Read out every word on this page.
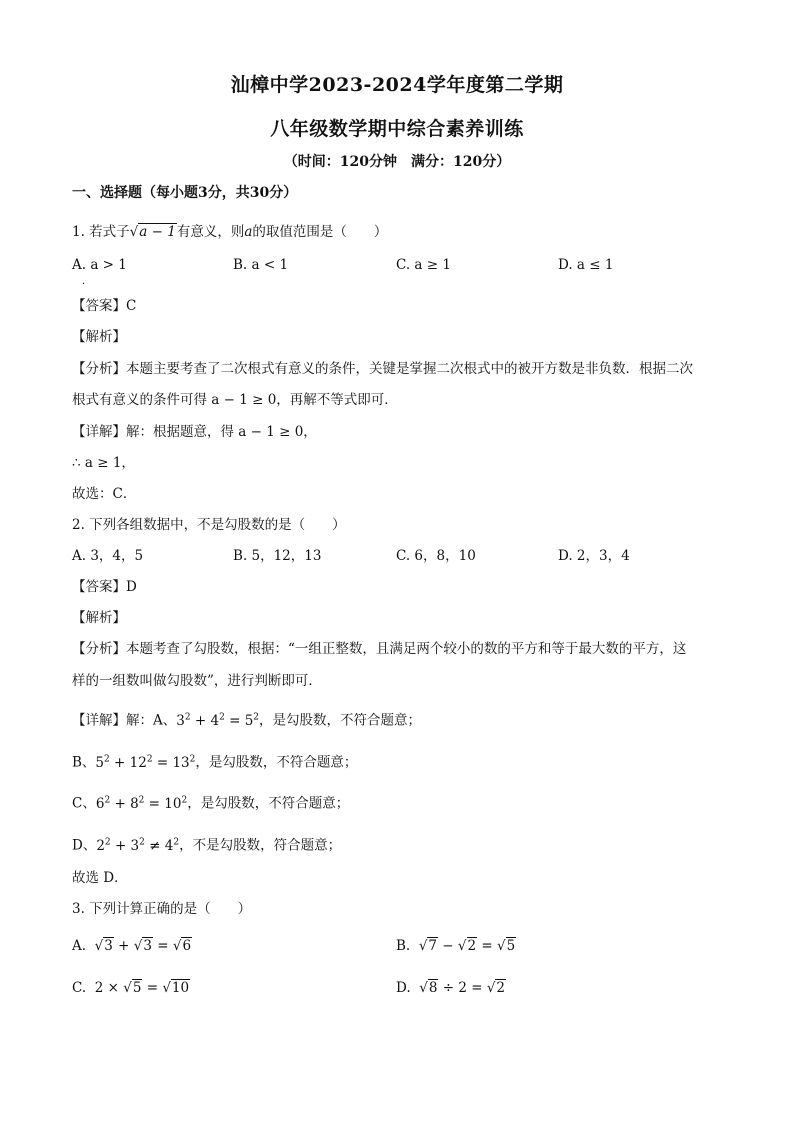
汕樟中学2023-2024学年度第二学期
八年级数学期中综合素养训练
（时间：120分钟　满分：120分）
一、选择题（每小题3分，共30分）
1. 若式子√a − 1有意义，则a的取值范围是（　　）
A. a > 1	B. a < 1	C. a ≥ 1	D. a ≤ 1
·
【答案】C
【解析】
【分析】本题主要考查了二次根式有意义的条件，关键是掌握二次根式中的被开方数是非负数．根据二次
根式有意义的条件可得 a − 1 ≥ 0，再解不等式即可．
【详解】解：根据题意，得 a − 1 ≥ 0，
∴ a ≥ 1，
故选：C．
2. 下列各组数据中，不是勾股数的是（　　）
A. 3，4，5	B. 5，12，13	C. 6，8，10	D. 2，3，4
【答案】D
【解析】
【分析】本题考查了勾股数，根据：“一组正整数，且满足两个较小的数的平方和等于最大数的平方，这
样的一组数叫做勾股数”，进行判断即可．
【详解】解：A、$3^2 + 4^2 = 5^2$，是勾股数，不符合题意；
B、$5^2 + 12^2 = 13^2$，是勾股数，不符合题意；
C、$6^2 + 8^2 = 10^2$，是勾股数，不符合题意；
D、$2^2 + 3^2 \ne 4^2$，不是勾股数，符合题意；
故选 D．
3. 下列计算正确的是（　　）
A. √3 + √3 = √6	B. √7 − √2 = √5
C. 2 × √5 = √10	D. √8 ÷ 2 = √2
